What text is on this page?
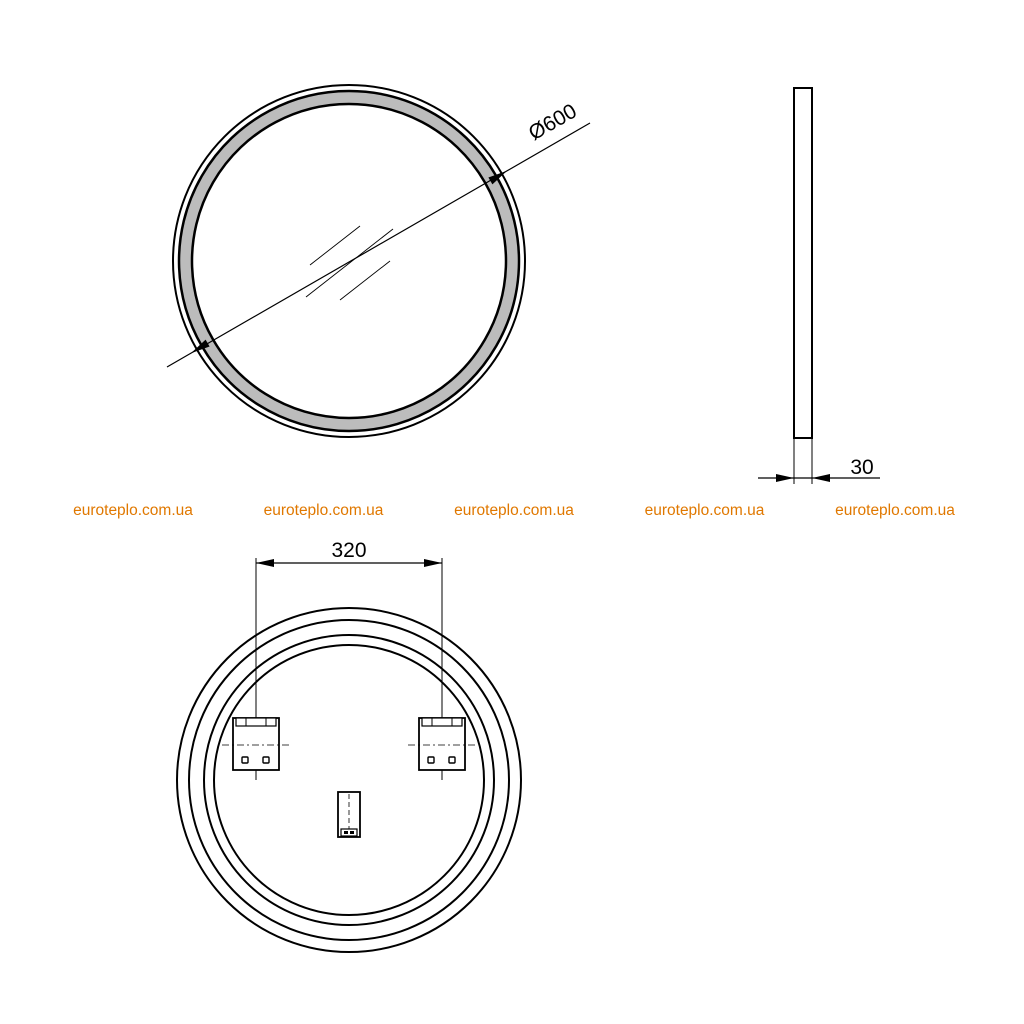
Ø600
30
euroteplo.com.ua	euroteplo.com.ua	euroteplo.com.ua	euroteplo.com.ua	euroteplo.com.ua
320
